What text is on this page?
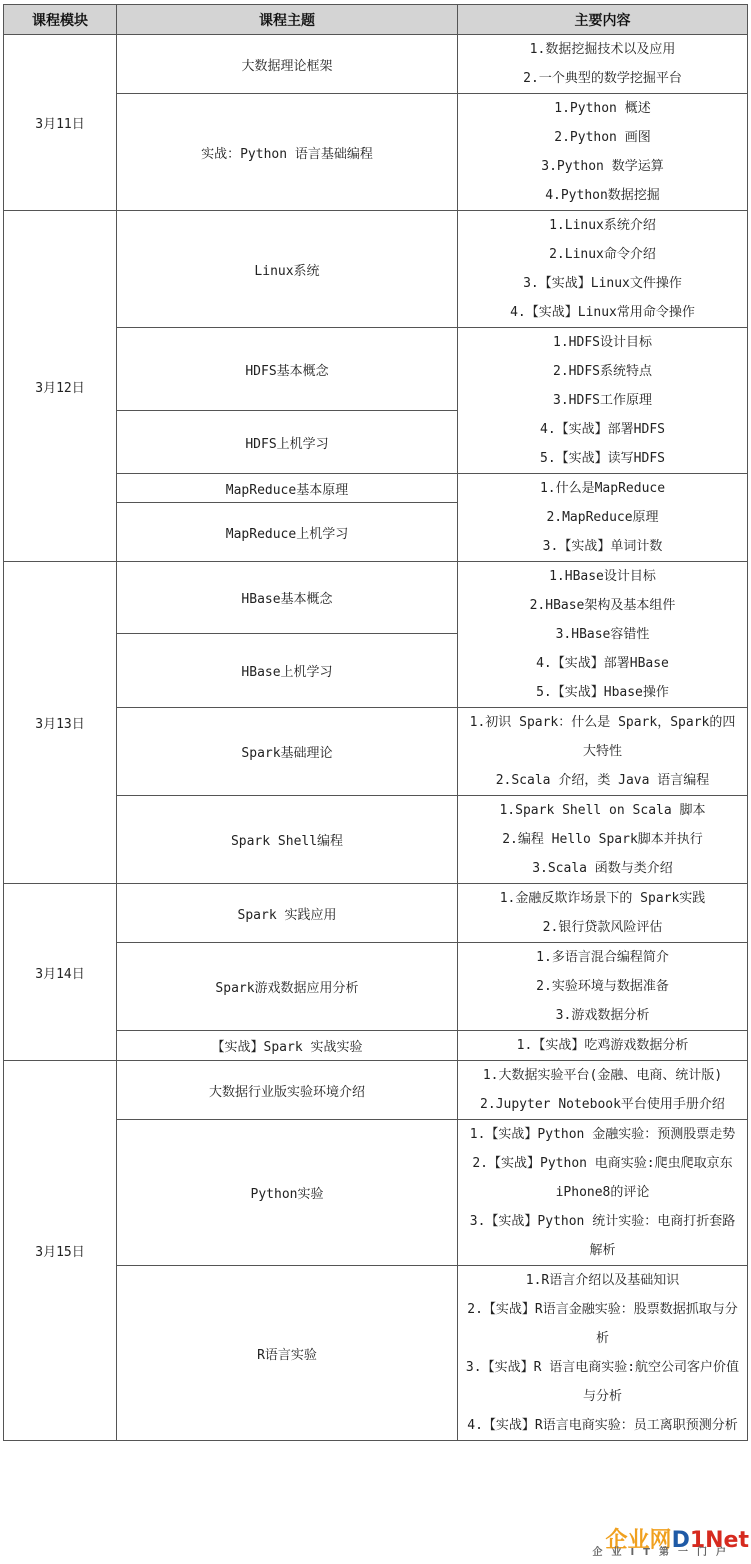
课程模块	课程主题	主要内容
3月11日	大数据理论框架	1.数据挖掘技术以及应用
2.一个典型的数学挖掘平台

	实战：Python 语言基础编程	1.Python 概述
2.Python 画图
3.Python 数学运算
4.Python数据挖掘

3月12日	Linux系统	1.Linux系统介绍
2.Linux命令介绍
3.【实战】Linux文件操作
4.【实战】Linux常用命令操作

	HDFS基本概念	1.HDFS设计目标
2.HDFS系统特点
3.HDFS工作原理
4.【实战】部署HDFS
5.【实战】读写HDFS

	HDFS上机学习	
	MapReduce基本原理	1.什么是MapReduce
2.MapReduce原理
3.【实战】单词计数

	MapReduce上机学习	
3月13日	HBase基本概念	1.HBase设计目标
2.HBase架构及基本组件
3.HBase容错性
4.【实战】部署HBase
5.【实战】Hbase操作

	HBase上机学习	
	Spark基础理论	1.初识 Spark：什么是 Spark，Spark的四大特性
2.Scala 介绍，类 Java 语言编程

	Spark Shell编程	1.Spark Shell on Scala 脚本
2.编程 Hello Spark脚本并执行
3.Scala 函数与类介绍

3月14日	Spark 实践应用	1.金融反欺诈场景下的 Spark实践
2.银行贷款风险评估

	Spark游戏数据应用分析	1.多语言混合编程简介
2.实验环境与数据准备
3.游戏数据分析

	【实战】Spark 实战实验	1.【实战】吃鸡游戏数据分析

3月15日	大数据行业版实验环境介绍	1.大数据实验平台(金融、电商、统计版)
2.Jupyter Notebook平台使用手册介绍

	Python实验	1.【实战】Python 金融实验：预测股票走势
2.【实战】Python 电商实验:爬虫爬取京东iPhone8的评论
3.【实战】Python 统计实验：电商打折套路解析

	R语言实验	1.R语言介绍以及基础知识
2.【实战】R语言金融实验：股票数据抓取与分析
3.【实战】R 语言电商实验:航空公司客户价值与分析
4.【实战】R语言电商实验：员工离职预测分析
企业网D1Net
企业IT第一门户
